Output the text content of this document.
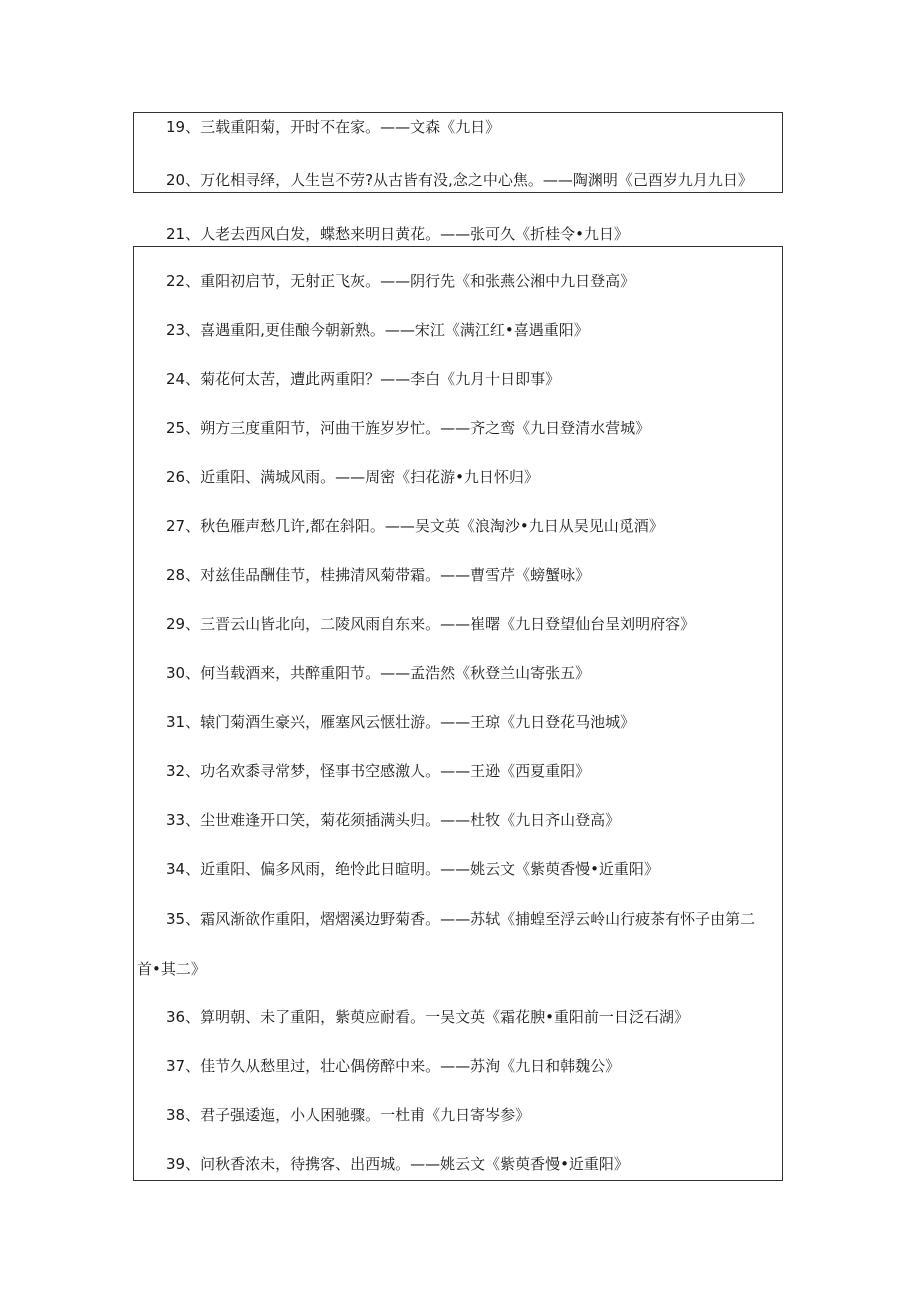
19、三载重阳菊，开时不在家。——文森《九日》
20、万化相寻绎，人生岂不劳?从古皆有没,念之中心焦。——陶渊明《己酉岁九月九日》
21、人老去西风白发，蝶愁来明日黄花。——张可久《折桂令•九日》
22、重阳初启节，无射正飞灰。——阴行先《和张燕公湘中九日登高》
23、喜遇重阳,更佳酿今朝新熟。——宋江《满江红•喜遇重阳》
24、菊花何太苦，遭此两重阳？——李白《九月十日即事》
25、朔方三度重阳节，河曲干旌岁岁忙。——齐之鸾《九日登清水营城》
26、近重阳、满城风雨。——周密《扫花游•九日怀归》
27、秋色雁声愁几许,都在斜阳。——吴文英《浪淘沙•九日从吴见山觅酒》
28、对兹佳品酬佳节，桂拂清风菊带霜。——曹雪芹《螃蟹咏》
29、三晋云山皆北向，二陵风雨自东来。——崔曙《九日登望仙台呈刘明府容》
30、何当载酒来，共醉重阳节。——孟浩然《秋登兰山寄张五》
31、辕门菊酒生豪兴，雁塞风云惬壮游。——王琼《九日登花马池城》
32、功名欢黍寻常梦，怪事书空感激人。——王逊《西夏重阳》
33、尘世难逢开口笑，菊花须插满头归。——杜牧《九日齐山登高》
34、近重阳、偏多风雨，绝怜此日暄明。——姚云文《紫萸香慢•近重阳》
35、霜风渐欲作重阳，熠熠溪边野菊香。——苏轼《捕蝗至浮云岭山行疲茶有怀子由第二
首•其二》
36、算明朝、未了重阳，紫萸应耐看。一吴文英《霜花腴•重阳前一日泛石湖》
37、佳节久从愁里过，壮心偶傍醉中来。——苏洵《九日和韩魏公》
38、君子强逶迤，小人困驰骤。一杜甫《九日寄岑参》
39、问秋香浓未，待携客、出西城。——姚云文《紫萸香慢•近重阳》
